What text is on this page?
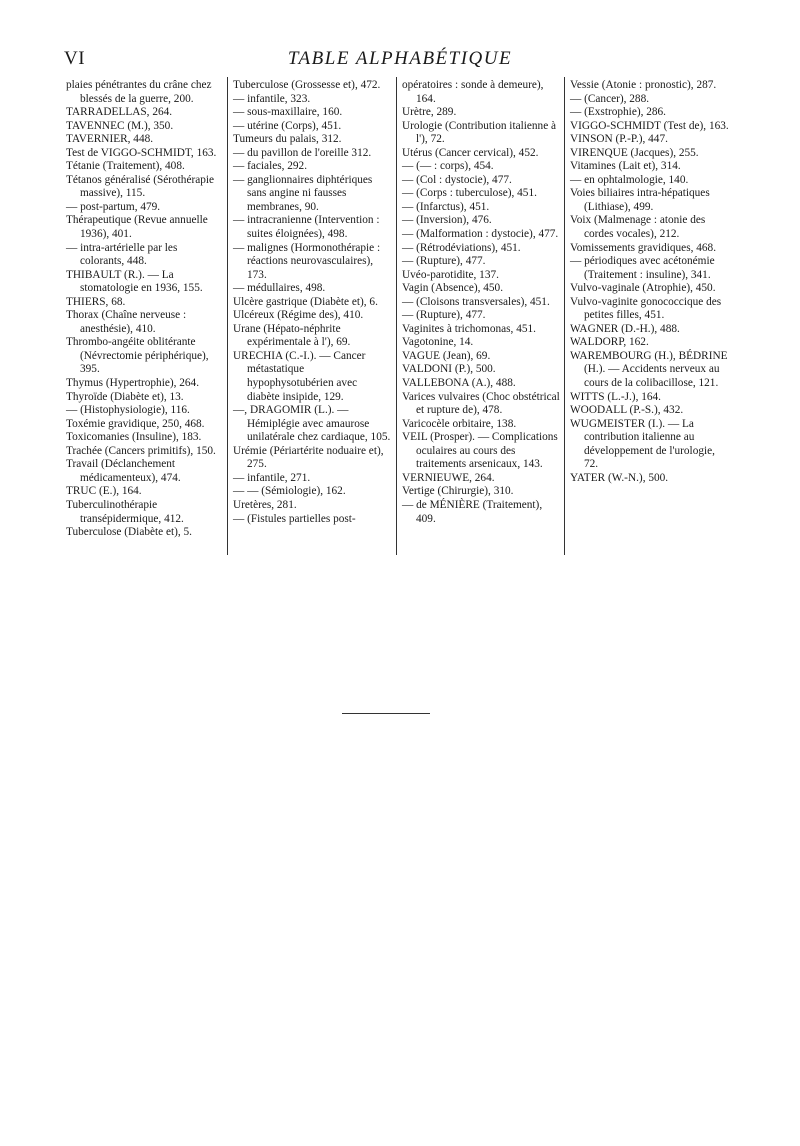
VI	TABLE ALPHABÉTIQUE
plaies pénétrantes du crâne chez blessés de la guerre, 200.
TARRADELLAS, 264.
TAVENNEC (M.), 350.
TAVERNIER, 448.
Test de VIGGO-SCHMIDT, 163.
Tétanie (Traitement), 408.
Tétanos généralisé (Sérothérapie massive), 115.
— post-partum, 479.
Thérapeutique (Revue annuelle 1936), 401.
— intra-artérielle par les colorants, 448.
THIBAULT (R.). — La stomatologie en 1936, 155.
THIERS, 68.
Thorax (Chaîne nerveuse : anesthésie), 410.
Thrombo-angéite oblitérante (Névrectomie périphérique), 395.
Thymus (Hypertrophie), 264.
Thyroïde (Diabète et), 13.
— (Histophysiologie), 116.
Toxémie gravidique, 250, 468.
Toxicomanies (Insuline), 183.
Trachée (Cancers primitifs), 150.
Travail (Déclanchement médicamenteux), 474.
TRUC (E.), 164.
Tuberculinothérapie transépidermique, 412.
Tuberculose (Diabète et), 5.
Tuberculose (Grossesse et), 472.
— infantile, 323.
— sous-maxillaire, 160.
— utérine (Corps), 451.
Tumeurs du palais, 312.
— du pavillon de l'oreille 312.
— faciales, 292.
— ganglionnaires diphtériques sans angine ni fausses membranes, 90.
— intracranienne (Intervention : suites éloignées), 498.
— malignes (Hormonothérapie : réactions neurovasculaires), 173.
— médullaires, 498.
Ulcère gastrique (Diabète et), 6.
Ulcéreux (Régime des), 410.
Urane (Hépato-néphrite expérimentale à l'), 69.
URECHIA (C.-I.). — Cancer métastatique hypophysotubérien avec diabète insipide, 129.
—, DRAGOMIR (L.). — Hémiplégie avec amaurose unilatérale chez cardiaque, 105.
Urémie (Périartérite noduaire et), 275.
— infantile, 271.
— — (Sémiologie), 162.
Uretères, 281.
— (Fistules partielles post-
opératoires : sonde à demeure), 164.
Urètre, 289.
Urologie (Contribution italienne à l'), 72.
Utérus (Cancer cervical), 452.
— (— : corps), 454.
— (Col : dystocie), 477.
— (Corps : tuberculose), 451.
— (Infarctus), 451.
— (Inversion), 476.
— (Malformation : dystocie), 477.
— (Rétrodéviations), 451.
— (Rupture), 477.
Uvéo-parotidite, 137.
Vagin (Absence), 450.
— (Cloisons transversales), 451.
— (Rupture), 477.
Vaginites à trichomonas, 451.
Vagotonine, 14.
VAGUE (Jean), 69.
VALDONI (P.), 500.
VALLEBONA (A.), 488.
Varices vulvaires (Choc obstétrical et rupture de), 478.
Varicocèle orbitaire, 138.
VEIL (Prosper). — Complications oculaires au cours des traitements arsenicaux, 143.
VERNIEUWE, 264.
Vertige (Chirurgie), 310.
— de MÉNIÈRE (Traitement), 409.
Vessie (Atonie : pronostic), 287.
— (Cancer), 288.
— (Exstrophie), 286.
VIGGO-SCHMIDT (Test de), 163.
VINSON (P.-P.), 447.
VIRENQUE (Jacques), 255.
Vitamines (Lait et), 314.
— en ophtalmologie, 140.
Voies biliaires intra-hépatiques (Lithiase), 499.
Voix (Malmenage : atonie des cordes vocales), 212.
Vomissements gravidiques, 468.
— périodiques avec acétonémie (Traitement : insuline), 341.
Vulvo-vaginale (Atrophie), 450.
Vulvo-vaginite gonococcique des petites filles, 451.
WAGNER (D.-H.), 488.
WALDORP, 162.
WAREMBOURG (H.), BÉDRINE (H.). — Accidents nerveux au cours de la colibacillose, 121.
WITTS (L.-J.), 164.
WOODALL (P.-S.), 432.
WUGMEISTER (I.). — La contribution italienne au développement de l'urologie, 72.
YATER (W.-N.), 500.
